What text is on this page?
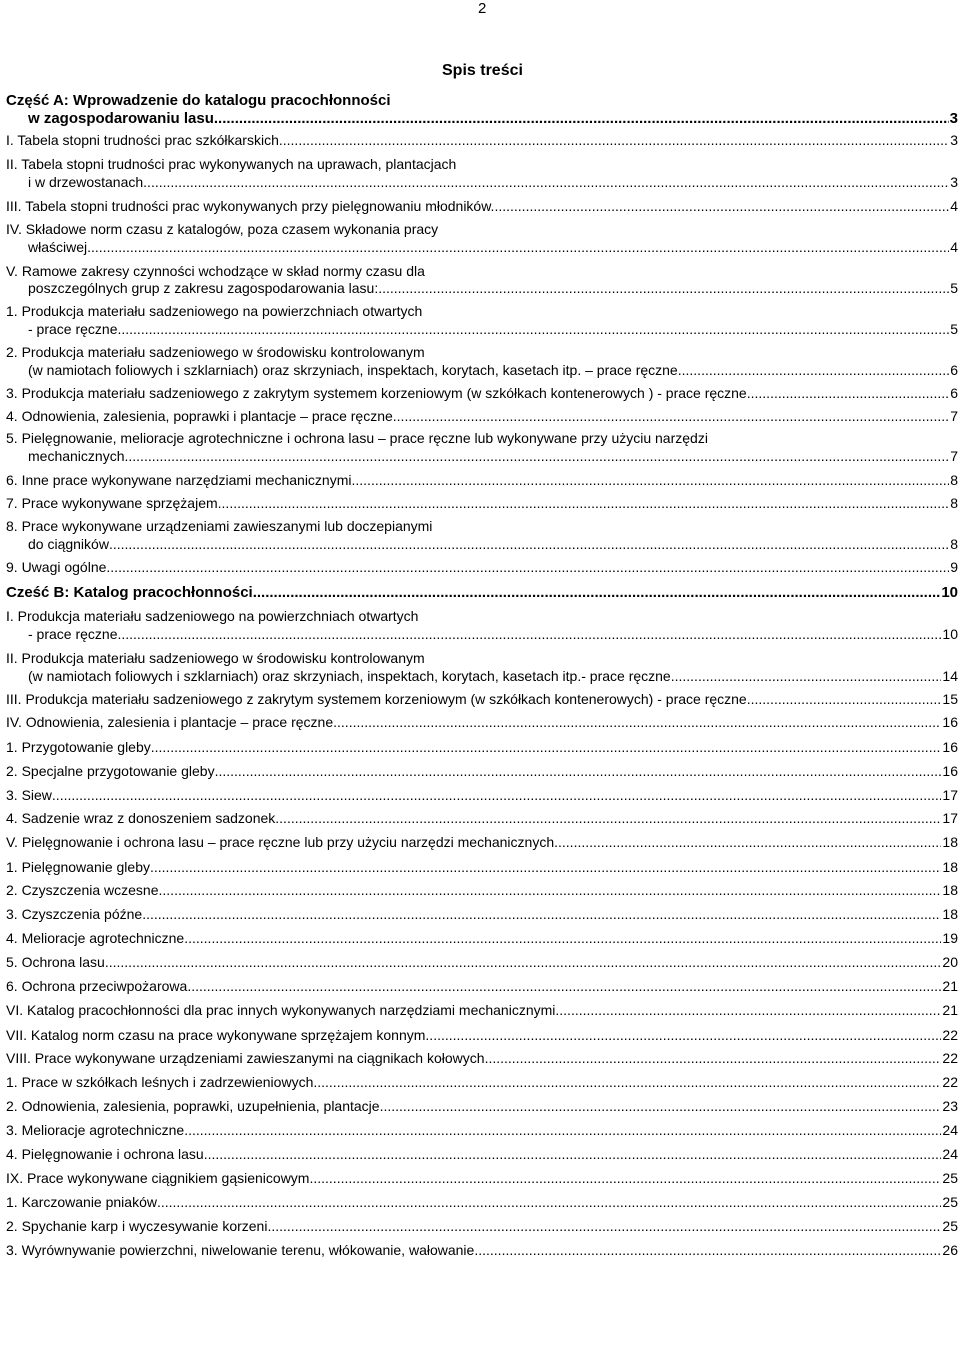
2
Spis treści
Część A: Wprowadzenie do katalogu pracochłonności
w zagospodarowaniu lasu .....	3
I. Tabela stopni trudności prac szkółkarskich. .....	3
II. Tabela stopni trudności prac wykonywanych na uprawach, plantacjach
i w drzewostanach .....	3
III. Tabela stopni trudności prac wykonywanych przy pielęgnowaniu młodników. .....	4
IV. Składowe norm czasu z katalogów, poza czasem wykonania pracy
właściwej .....	4
V. Ramowe zakresy czynności wchodzące w skład normy czasu dla
poszczególnych grup z zakresu zagospodarowania lasu: .....	5
1. Produkcja materiału sadzeniowego na powierzchniach otwartych
- prace ręczne .....	5
2. Produkcja materiału sadzeniowego w środowisku kontrolowanym
(w namiotach foliowych i szklarniach) oraz skrzyniach, inspektach, korytach, kasetach itp. – prace ręczne .....	6
3. Produkcja materiału sadzeniowego z zakrytym systemem korzeniowym (w szkółkach kontenerowych ) - prace ręczne .....	6
4. Odnowienia, zalesienia, poprawki i plantacje – prace ręczne .....	7
5. Pielęgnowanie, melioracje agrotechniczne i ochrona lasu – prace ręczne lub wykonywane przy użyciu narzędzi
mechanicznych .....	7
6. Inne prace wykonywane narzędziami mechanicznymi .....	8
7. Prace wykonywane sprzężajem .....	8
8. Prace wykonywane urządzeniami zawieszanymi lub doczepianymi
do ciągników .....	8
9. Uwagi ogólne .....	9
Cześć B: Katalog pracochłonności .....	10
I. Produkcja materiału sadzeniowego na powierzchniach otwartych
- prace ręczne .....	10
II. Produkcja materiału sadzeniowego w środowisku kontrolowanym
(w namiotach foliowych i szklarniach) oraz skrzyniach, inspektach, korytach, kasetach itp.- prace ręczne .....	14
III. Produkcja materiału sadzeniowego z zakrytym systemem korzeniowym (w szkółkach kontenerowych) - prace ręczne .....	15
IV. Odnowienia, zalesienia i plantacje – prace ręczne .....	16
1. Przygotowanie gleby .....	16
2. Specjalne przygotowanie gleby .....	16
3. Siew .....	17
4. Sadzenie wraz z donoszeniem sadzonek .....	17
V. Pielęgnowanie i ochrona lasu – prace ręczne lub przy użyciu narzędzi mechanicznych .....	18
1. Pielęgnowanie gleby .....	18
2. Czyszczenia wczesne .....	18
3. Czyszczenia późne .....	18
4. Melioracje agrotechniczne .....	19
5. Ochrona lasu .....	20
6. Ochrona przeciwpożarowa .....	21
VI. Katalog pracochłonności dla prac innych wykonywanych narzędziami mechanicznymi .....	21
VII. Katalog norm czasu na prace wykonywane sprzężajem konnym .....	22
VIII. Prace wykonywane urządzeniami zawieszanymi na ciągnikach kołowych .....	22
1. Prace w szkółkach leśnych i zadrzewieniowych .....	22
2. Odnowienia, zalesienia, poprawki, uzupełnienia, plantacje. .....	23
3. Melioracje agrotechniczne .....	24
4. Pielęgnowanie i ochrona lasu .....	24
IX. Prace wykonywane ciągnikiem gąsienicowym .....	25
1. Karczowanie pniaków .....	25
2. Spychanie karp i wyczesywanie korzeni .....	25
3. Wyrównywanie powierzchni, niwelowanie terenu, włókowanie, wałowanie. .....	26
